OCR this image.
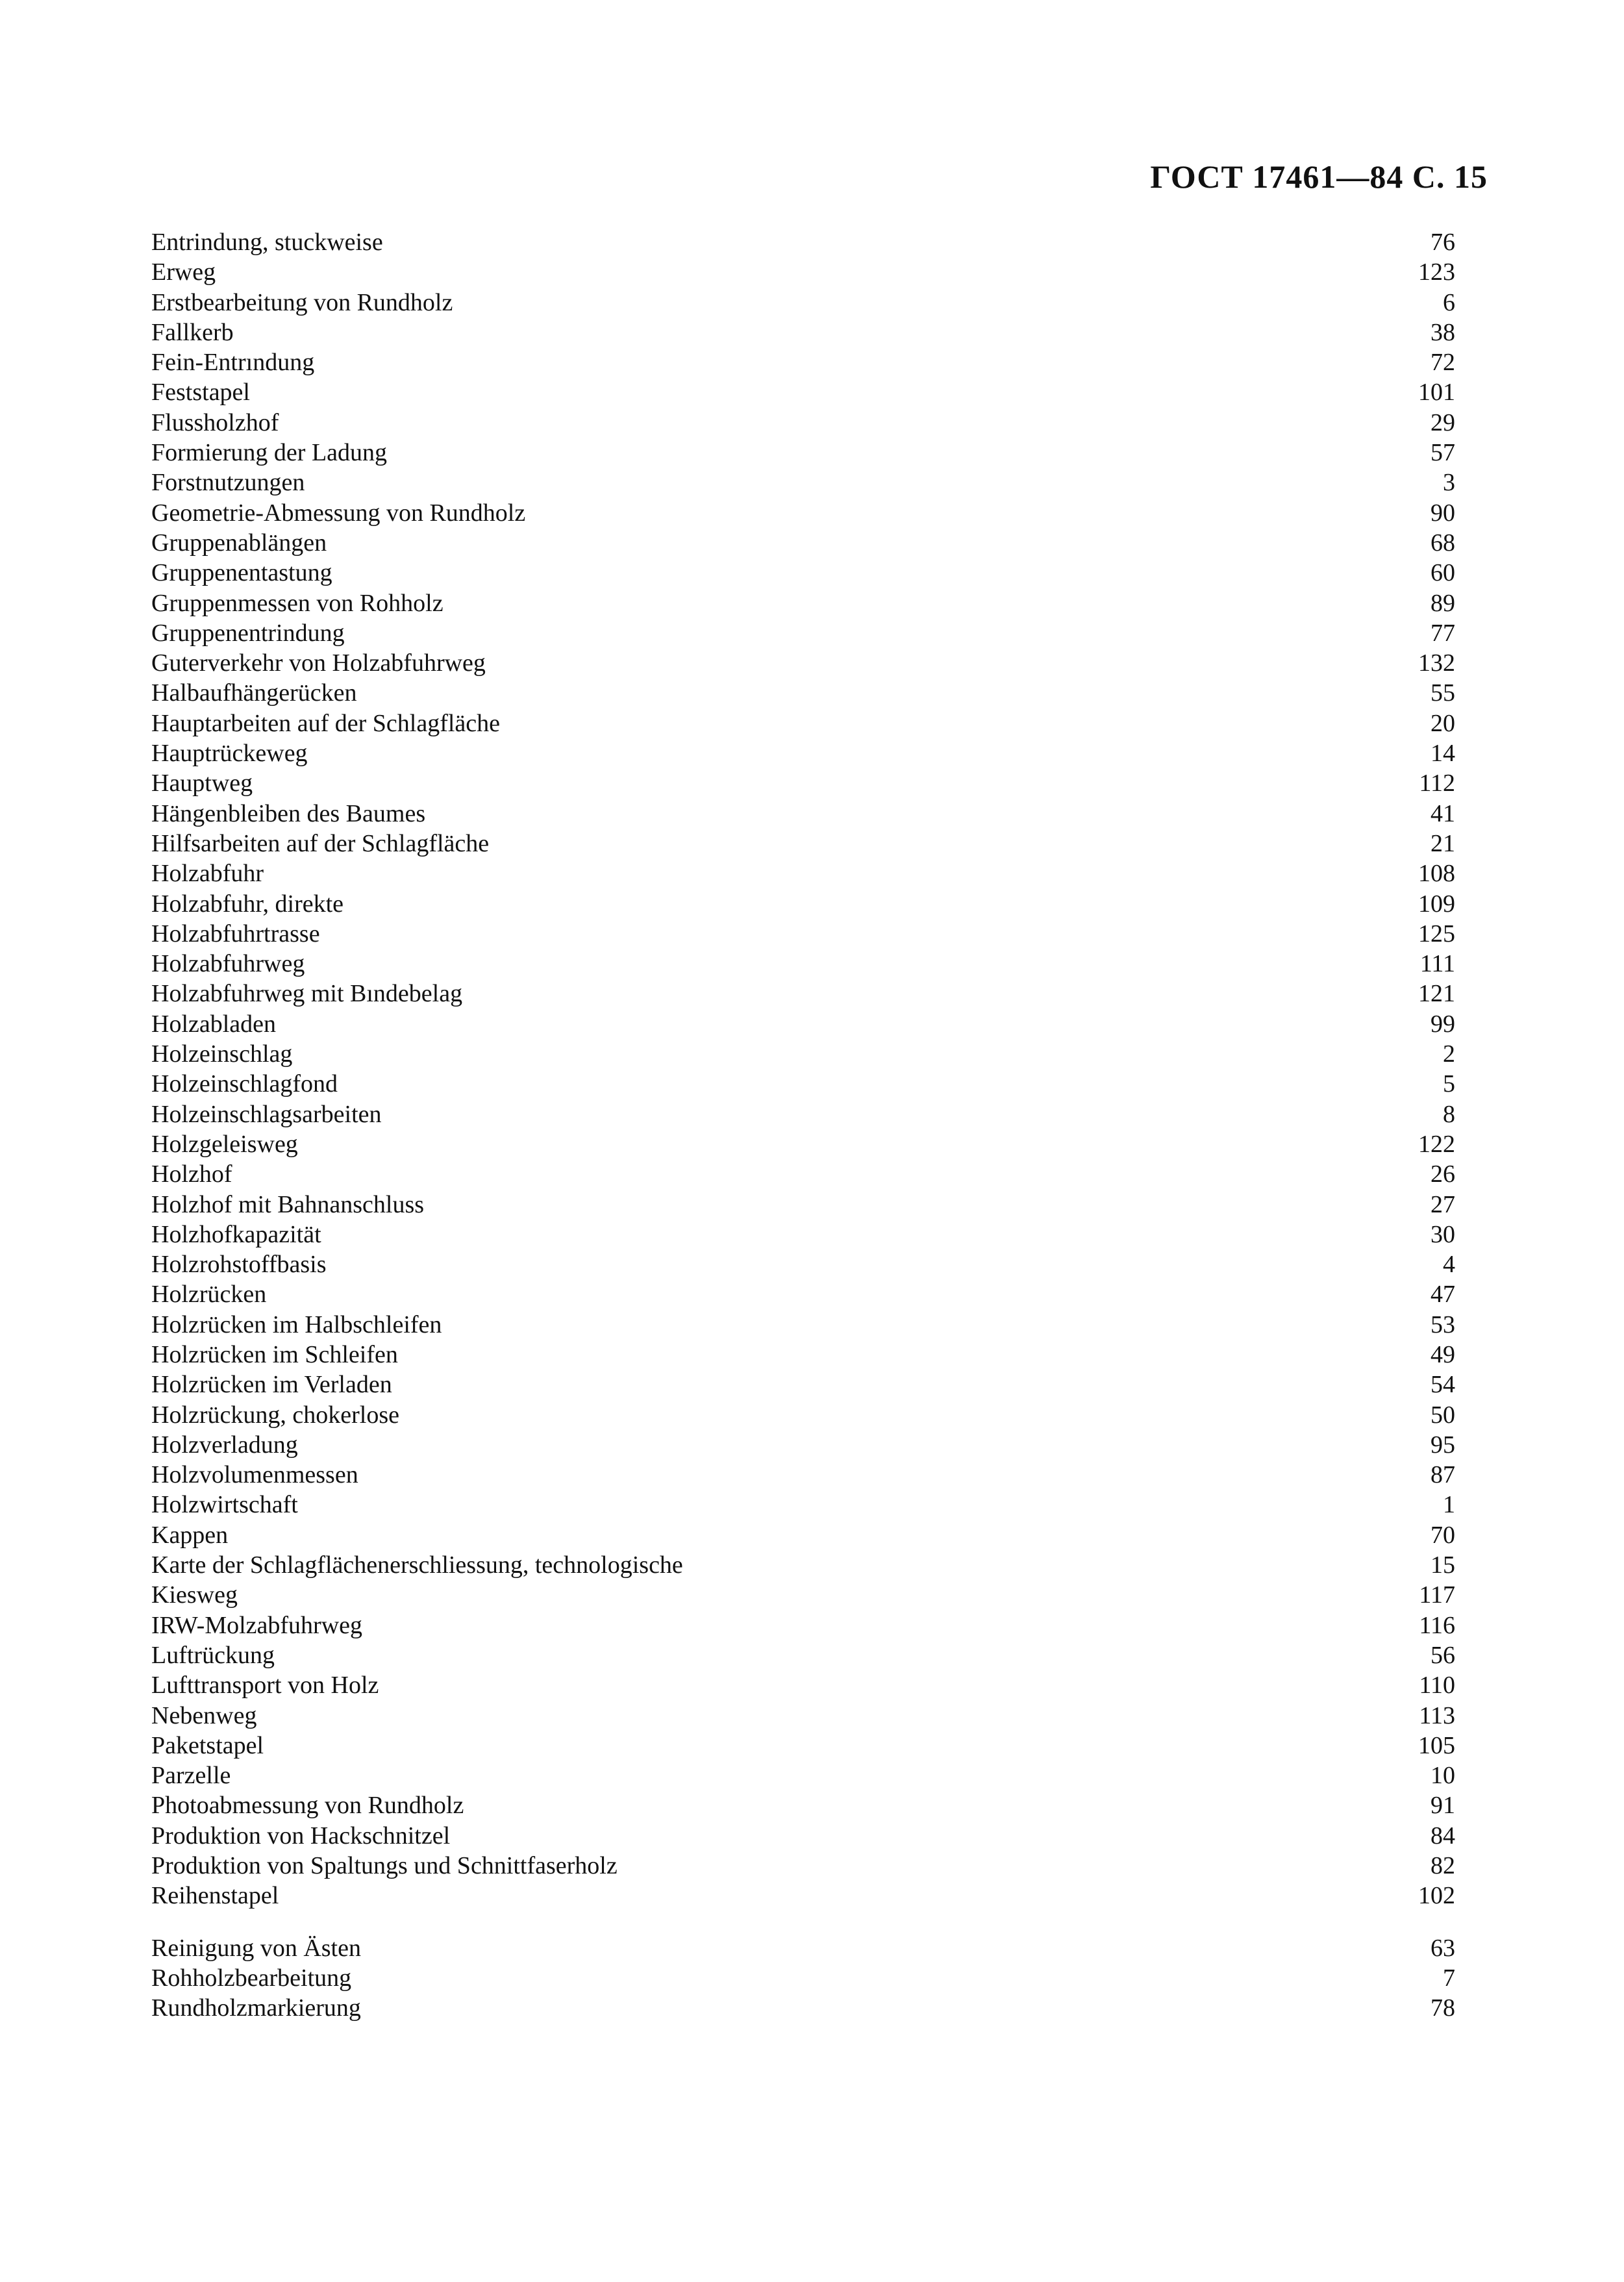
ГОСТ 17461—84 С. 15
Entrindung, stuckweise	76
Erweg	123
Erstbearbeitung von Rundholz	6
Fallkerb	38
Fein-Entrındung	72
Feststapel	101
Flussholzhof	29
Formierung der Ladung	57
Forstnutzungen	3
Geometrie-Abmessung von Rundholz	90
Gruppenablängen	68
Gruppenentastung	60
Gruppenmessen von Rohholz	89
Gruppenentrindung	77
Guterverkehr von Holzabfuhrweg	132
Halbaufhängerücken	55
Hauptarbeiten auf der Schlagfläche	20
Hauptrückeweg	14
Hauptweg	112
Hängenbleiben des Baumes	41
Hilfsarbeiten auf der Schlagfläche	21
Holzabfuhr	108
Holzabfuhr, direkte	109
Holzabfuhrtrasse	125
Holzabfuhrweg	111
Holzabfuhrweg mit Bındebelag	121
Holzabladen	99
Holzeinschlag	2
Holzeinschlagfond	5
Holzeinschlagsarbeiten	8
Holzgeleisweg	122
Holzhof	26
Holzhof mit Bahnanschluss	27
Holzhofkapazität	30
Holzrohstoffbasis	4
Holzrücken	47
Holzrücken im Halbschleifen	53
Holzrücken im Schleifen	49
Holzrücken im Verladen	54
Holzrückung, chokerlose	50
Holzverladung	95
Holzvolumenmessen	87
Holzwirtschaft	1
Kappen	70
Karte der Schlagflächenerschliessung, technologische	15
Kiesweg	117
IRW-Molzabfuhrweg	116
Luftrückung	56
Lufttransport von Holz	110
Nebenweg	113
Paketstapel	105
Parzelle	10
Photoabmessung von Rundholz	91
Produktion von Hackschnitzel	84
Produktion von Spaltungs und Schnittfaserholz	82
Reihenstapel	102
Reinigung von Ästen	63
Rohholzbearbeitung	7
Rundholzmarkierung	78
